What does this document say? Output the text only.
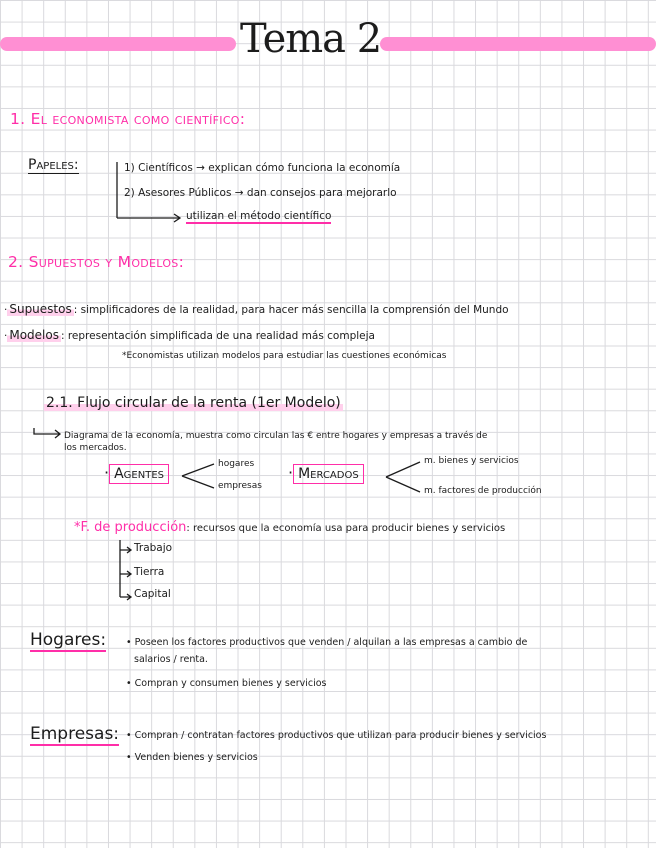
Tema 2
1. El economista como científico:
Papeles:	1) Científicos → explican cómo funciona la economía
2) Asesores Públicos → dan consejos para mejorarlo
utilizan el método científico
2. Supuestos y Modelos:
· Supuestos : simplificadores de la realidad, para hacer más sencilla la comprensión del Mundo
· Modelos : representación simplificada de una realidad más compleja
*Economistas utilizan modelos para estudiar las cuestiones económicas
2.1. Flujo circular de la renta (1er Modelo)
Diagrama de la economía, muestra como circulan las € entre hogares y empresas a través de
los mercados.
· Agentes
hogares
empresas
· Mercados
m. bienes y servicios
m. factores de producción
*F. de producción: recursos que la economía usa para producir bienes y servicios
Trabajo
Tierra
Capital
Hogares: • Poseen los factores productivos que venden / alquilan a las empresas a cambio de
salarios / renta.
• Compran y consumen bienes y servicios
Empresas: • Compran / contratan factores productivos que utilizan para producir bienes y servicios
• Venden bienes y servicios
